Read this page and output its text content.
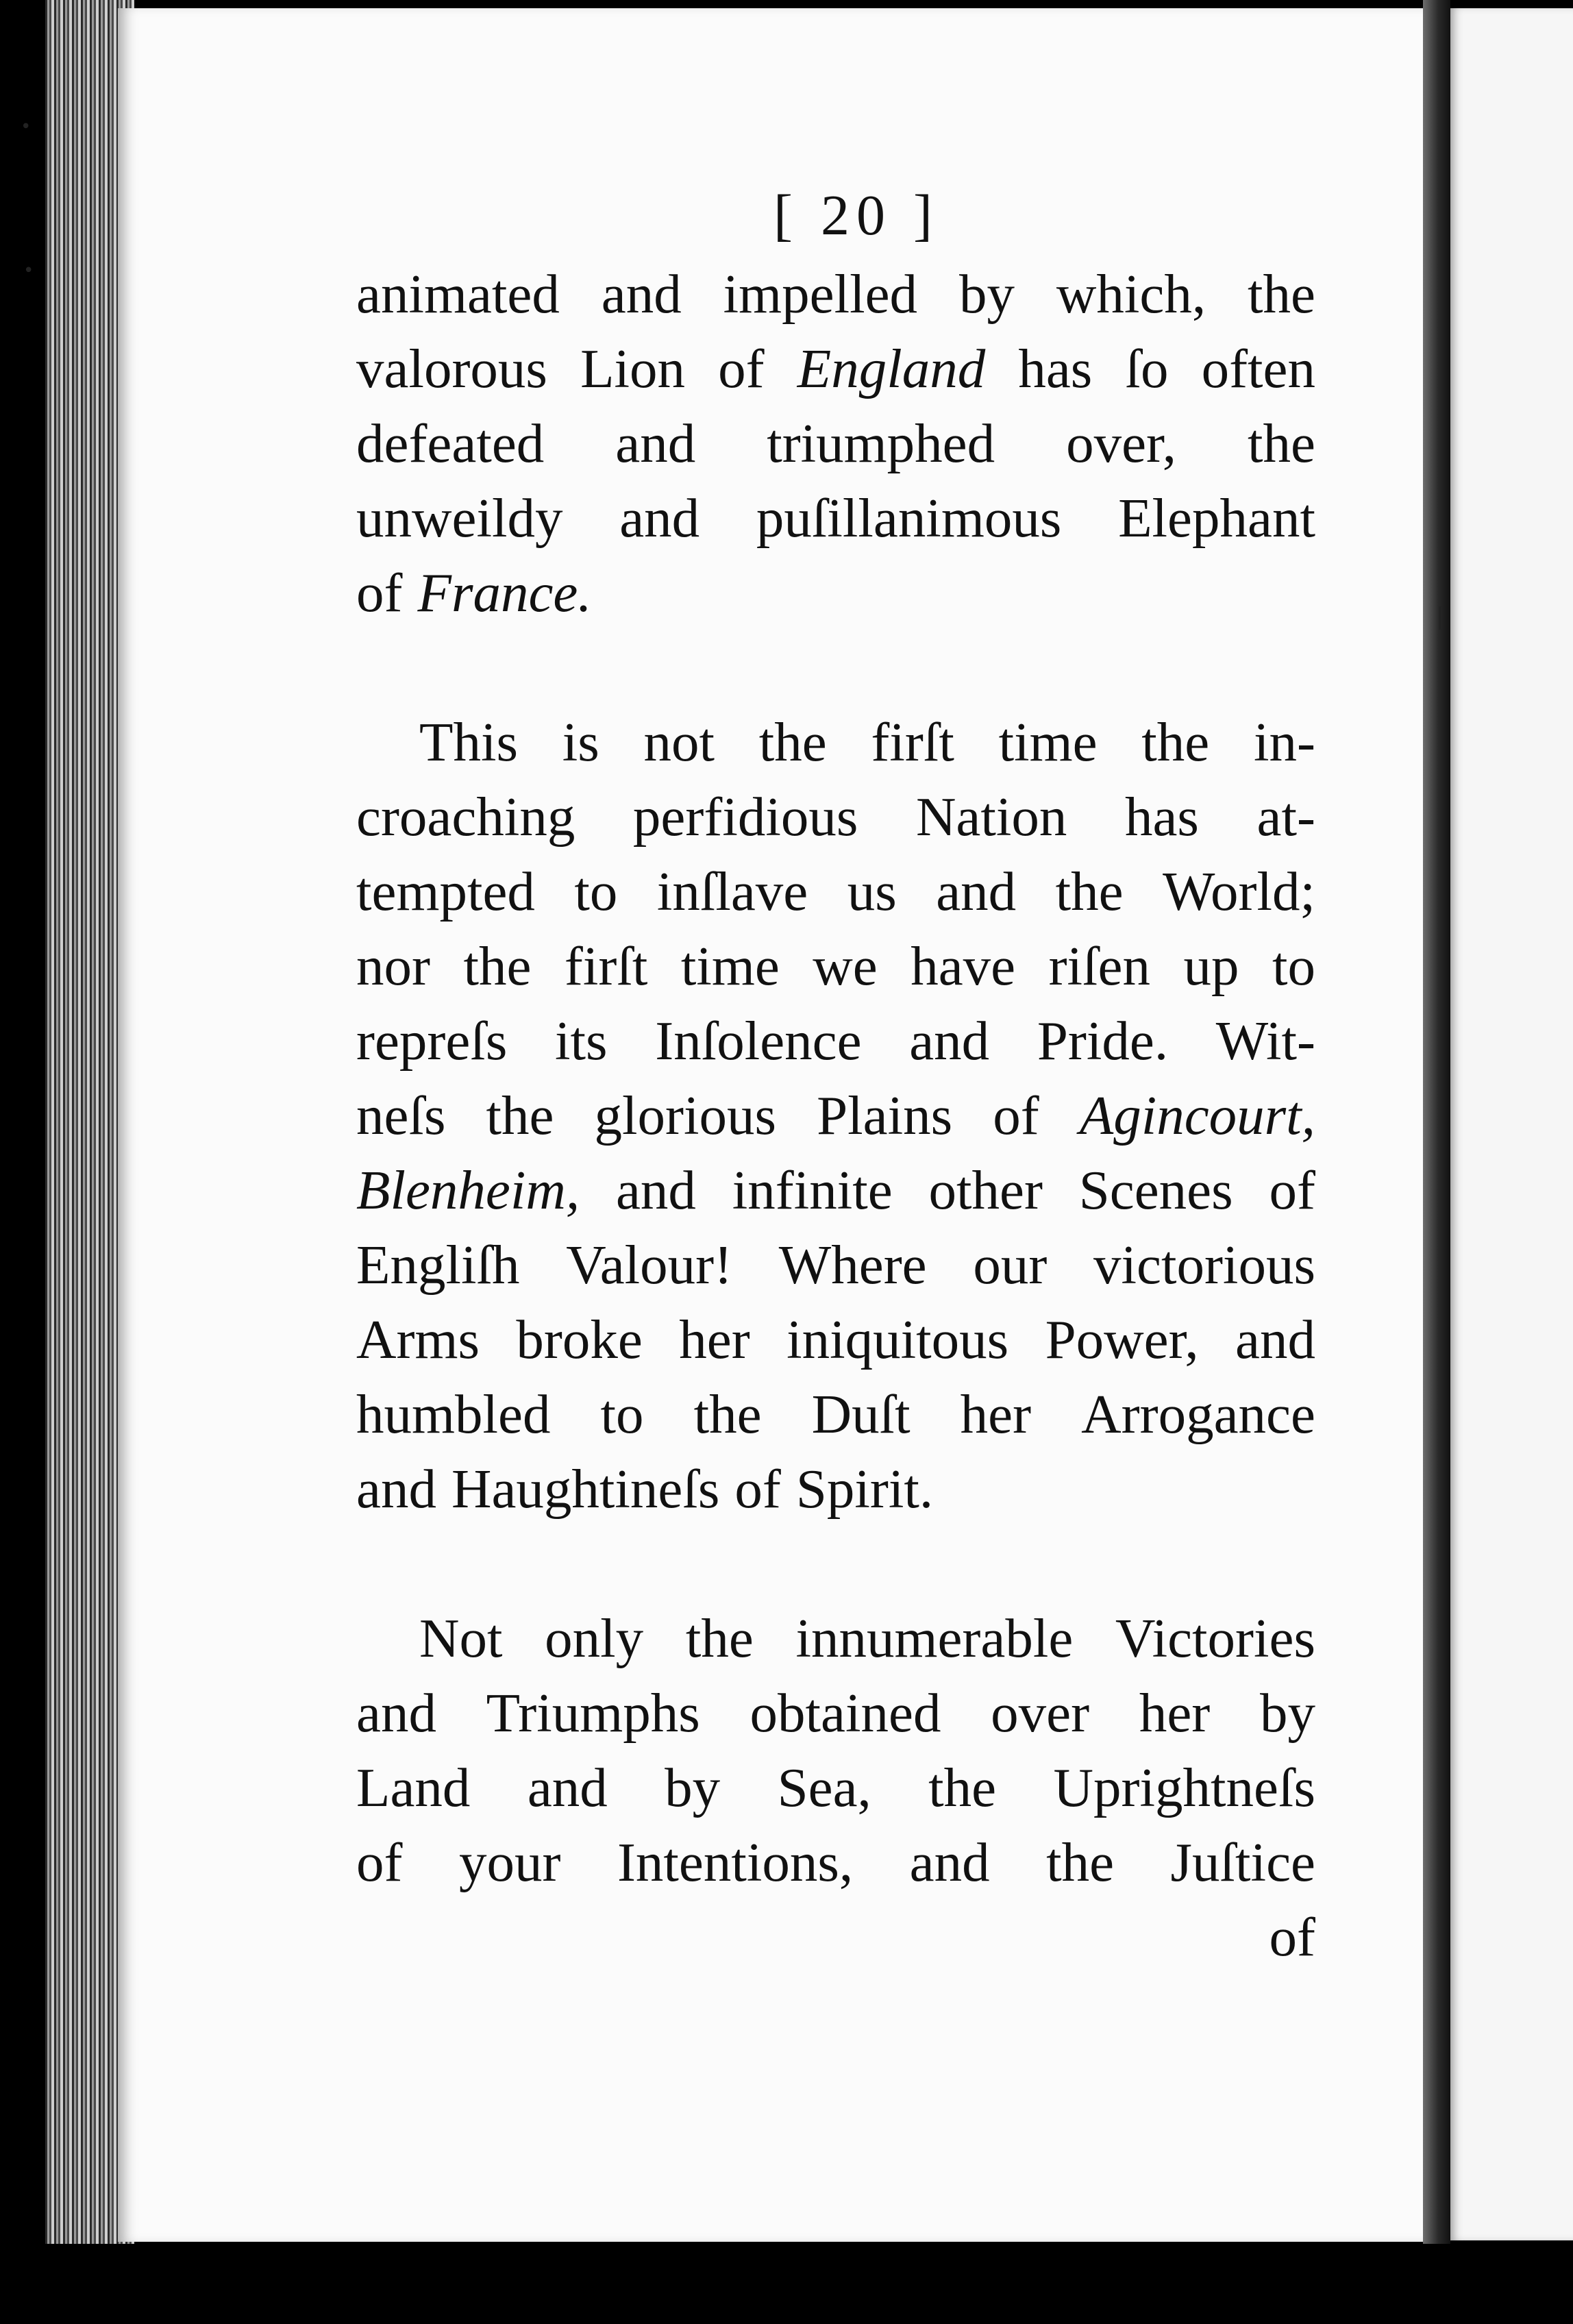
•
•
|
[ 20 ]
animated and impelled by which, the
valorous Lion of England has ſo often
defeated and triumphed over, the
unweildy and puſillanimous Elephant
of France.
This is not the firſt time the in-
croaching perfidious Nation has at-
tempted to inſlave us and the World;
nor the firſt time we have riſen up to
repreſs its Inſolence and Pride. Wit-
neſs the glorious Plains of Agincourt,
Blenheim, and infinite other Scenes of
Engliſh Valour! Where our victorious
Arms broke her iniquitous Power, and
humbled to the Duſt her Arrogance
and Haughtineſs of Spirit.
Not only the innumerable Victories
and Triumphs obtained over her by
Land and by Sea, the Uprightneſs
of your Intentions, and the Juſtice
of
